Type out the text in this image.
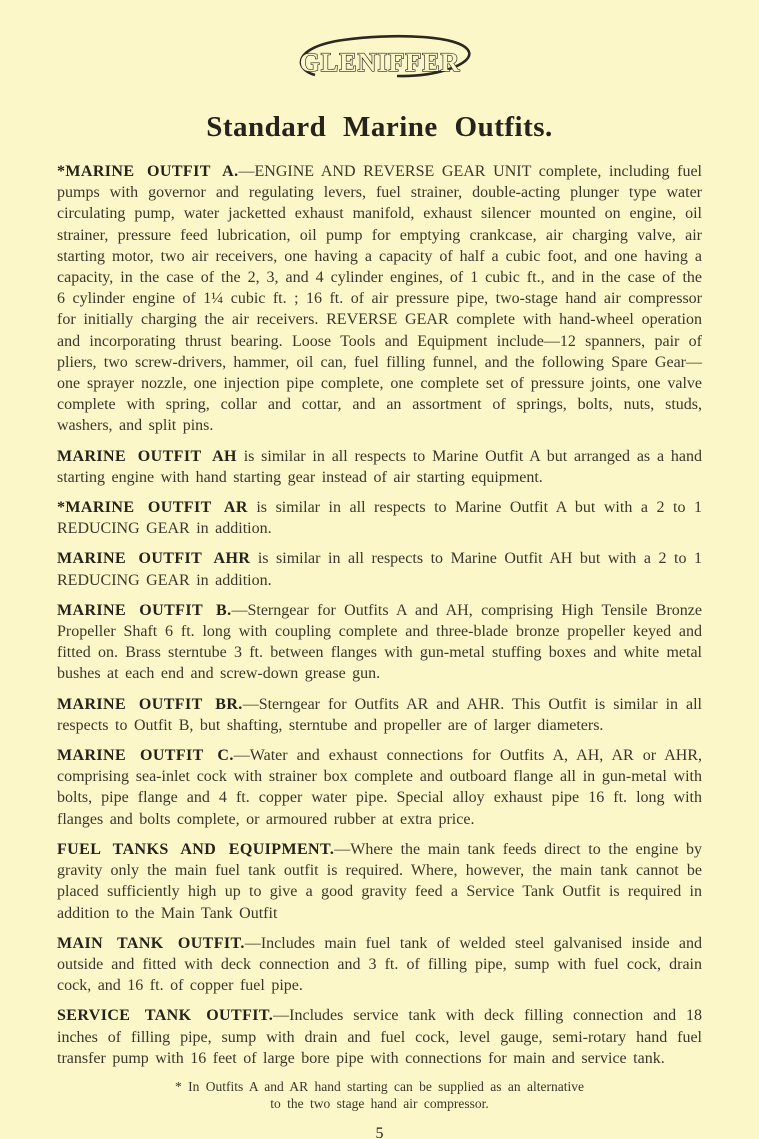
GLENIFFER
Standard Marine Outfits.

*MARINE OUTFIT A.—ENGINE AND REVERSE GEAR UNIT complete, including fuel pumps with governor and regulating levers, fuel strainer, double-acting plunger type water circulating pump, water jacketted exhaust manifold, exhaust silencer mounted on engine, oil strainer, pressure feed lubrication, oil pump for emptying crankcase, air charging valve, air starting motor, two air receivers, one having a capacity of half a cubic foot, and one having a capacity, in the case of the 2, 3, and 4 cylinder engines, of 1 cubic ft., and in the case of the 6 cylinder engine of 1¼ cubic ft. ; 16 ft. of air pressure pipe, two-stage hand air compressor for initially charging the air receivers. REVERSE GEAR complete with hand-wheel operation and incorporating thrust bearing. Loose Tools and Equipment include—12 spanners, pair of pliers, two screw-drivers, hammer, oil can, fuel filling funnel, and the following Spare Gear—one sprayer nozzle, one injection pipe complete, one complete set of pressure joints, one valve complete with spring, collar and cottar, and an assortment of springs, bolts, nuts, studs, washers, and split pins.

MARINE OUTFIT AH is similar in all respects to Marine Outfit A but arranged as a hand starting engine with hand starting gear instead of air starting equipment.

*MARINE OUTFIT AR is similar in all respects to Marine Outfit A but with a 2 to 1 REDUCING GEAR in addition.

MARINE OUTFIT AHR is similar in all respects to Marine Outfit AH but with a 2 to 1 REDUCING GEAR in addition.

MARINE OUTFIT B.—Sterngear for Outfits A and AH, comprising High Tensile Bronze Propeller Shaft 6 ft. long with coupling complete and three-blade bronze propeller keyed and fitted on. Brass sterntube 3 ft. between flanges with gun-metal stuffing boxes and white metal bushes at each end and screw-down grease gun.

MARINE OUTFIT BR.—Sterngear for Outfits AR and AHR. This Outfit is similar in all respects to Outfit B, but shafting, sterntube and propeller are of larger diameters.

MARINE OUTFIT C.—Water and exhaust connections for Outfits A, AH, AR or AHR, comprising sea-inlet cock with strainer box complete and outboard flange all in gun-metal with bolts, pipe flange and 4 ft. copper water pipe. Special alloy exhaust pipe 16 ft. long with flanges and bolts complete, or armoured rubber at extra price.

FUEL TANKS AND EQUIPMENT.—Where the main tank feeds direct to the engine by gravity only the main fuel tank outfit is required. Where, however, the main tank cannot be placed sufficiently high up to give a good gravity feed a Service Tank Outfit is required in addition to the Main Tank Outfit

MAIN TANK OUTFIT.—Includes main fuel tank of welded steel galvanised inside and outside and fitted with deck connection and 3 ft. of filling pipe, sump with fuel cock, drain cock, and 16 ft. of copper fuel pipe.

SERVICE TANK OUTFIT.—Includes service tank with deck filling connection and 18 inches of filling pipe, sump with drain and fuel cock, level gauge, semi-rotary hand fuel transfer pump with 16 feet of large bore pipe with connections for main and service tank.

* In Outfits A and AR hand starting can be supplied as an alternative
to the two stage hand air compressor.
5
